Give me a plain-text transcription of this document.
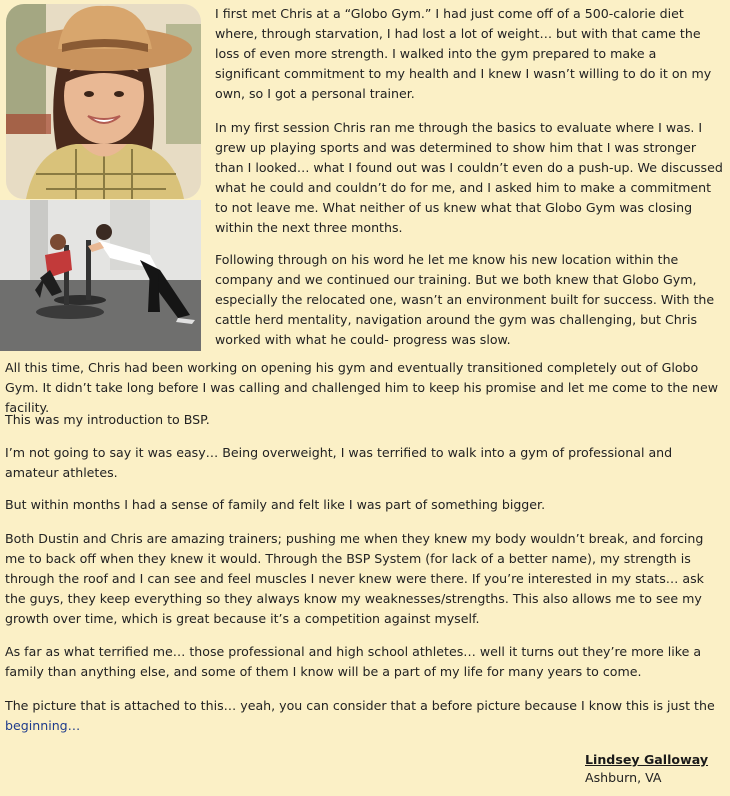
I first met Chris at a “Globo Gym.” I had just come off of a 500-calorie diet where, through starvation, I had lost a lot of weight… but with that came the loss of even more strength. I walked into the gym prepared to make a significant commitment to my health and I knew I wasn’t willing to do it on my own, so I got a personal trainer.

In my first session Chris ran me through the basics to evaluate where I was. I grew up playing sports and was determined to show him that I was stronger than I looked… what I found out was I couldn’t even do a push-up. We discussed what he could and couldn’t do for me, and I asked him to make a commitment to not leave me. What neither of us knew what that Globo Gym was closing within the next three months.

Following through on his word he let me know his new location within the company and we continued our training. But we both knew that Globo Gym, especially the relocated one, wasn’t an environment built for success. With the cattle herd mentality, navigation around the gym was challenging, but Chris worked with what he could- progress was slow.

All this time, Chris had been working on opening his gym and eventually transitioned completely out of Globo Gym. It didn’t take long before I was calling and challenged him to keep his promise and let me come to the new facility.

This was my introduction to BSP.

I’m not going to say it was easy… Being overweight, I was terrified to walk into a gym of professional and amateur athletes.

But within months I had a sense of family and felt like I was part of something bigger.

Both Dustin and Chris are amazing trainers; pushing me when they knew my body wouldn’t break, and forcing me to back off when they knew it would. Through the BSP System (for lack of a better name), my strength is through the roof and I can see and feel muscles I never knew were there. If you’re interested in my stats… ask the guys, they keep everything so they always know my weaknesses/strengths. This also allows me to see my growth over time, which is great because it’s a competition against myself.

As far as what terrified me… those professional and high school athletes… well it turns out they’re more like a family than anything else, and some of them I know will be a part of my life for many years to come.

The picture that is attached to this… yeah, you can consider that a before picture because I know this is just the beginning…

Lindsey Galloway
Ashburn, VA
